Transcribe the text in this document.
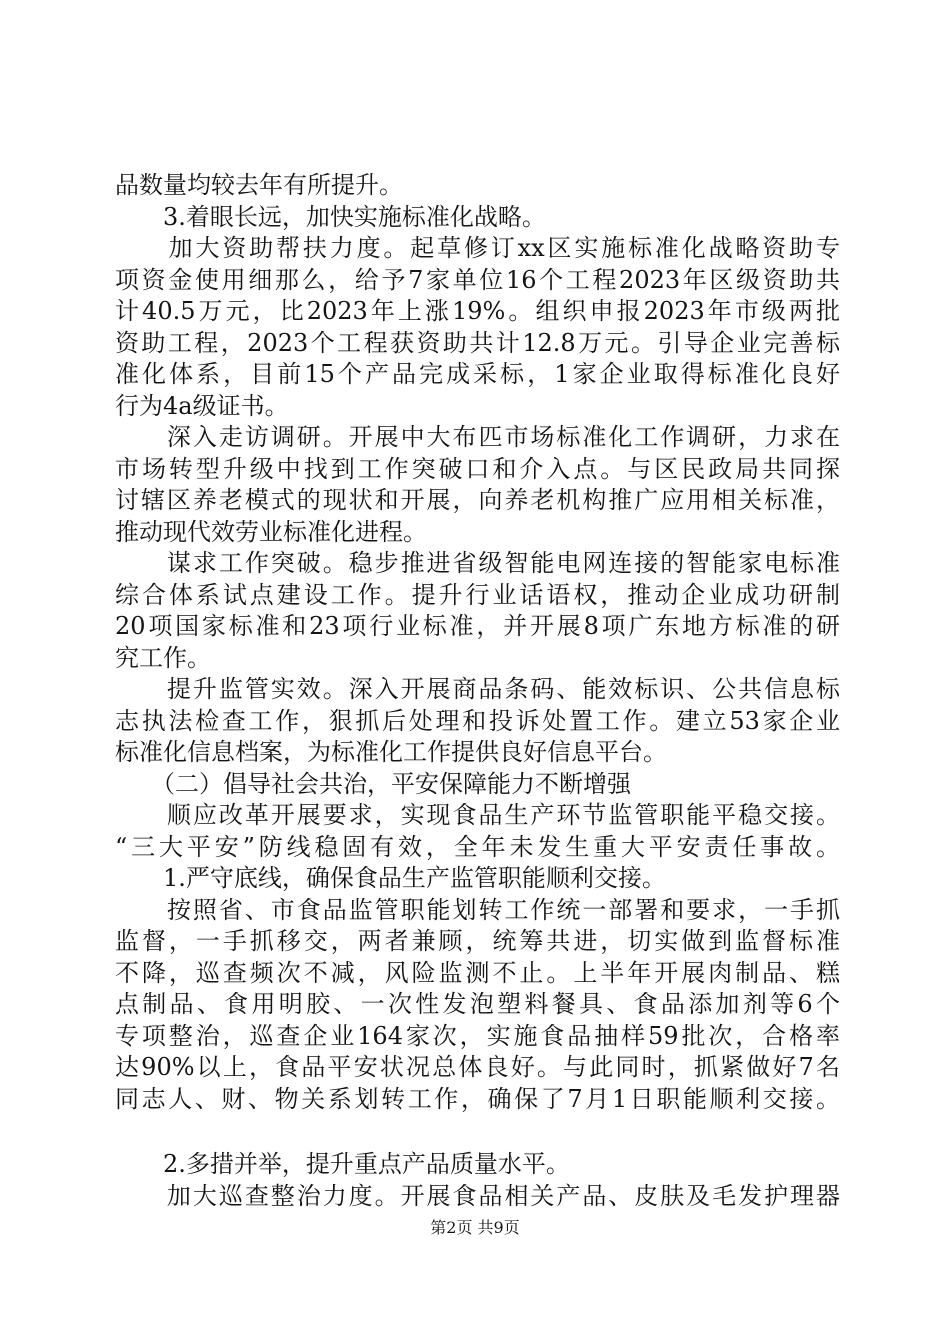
品数量均较去年有所提升。
　　3.着眼长远，加快实施标准化战略。
　　加大资助帮扶力度。起草修订xx区实施标准化战略资助专
项资金使用细那么，给予7家单位16个工程2023年区级资助共
计40.5万元，比2023年上涨19%。组织申报2023年市级两批
资助工程，2023个工程获资助共计12.8万元。引导企业完善标
准化体系，目前15个产品完成采标，1家企业取得标准化良好
行为4a级证书。
　　深入走访调研。开展中大布匹市场标准化工作调研，力求在
市场转型升级中找到工作突破口和介入点。与区民政局共同探
讨辖区养老模式的现状和开展，向养老机构推广应用相关标准，
推动现代效劳业标准化进程。
　　谋求工作突破。稳步推进省级智能电网连接的智能家电标准
综合体系试点建设工作。提升行业话语权，推动企业成功研制
20项国家标准和23项行业标准，并开展8项广东地方标准的研
究工作。
　　提升监管实效。深入开展商品条码、能效标识、公共信息标
志执法检查工作，狠抓后处理和投诉处置工作。建立53家企业
标准化信息档案，为标准化工作提供良好信息平台。
　　（二）倡导社会共治，平安保障能力不断增强
　　顺应改革开展要求，实现食品生产环节监管职能平稳交接。
“三大平安”防线稳固有效，全年未发生重大平安责任事故。
　　1.严守底线，确保食品生产监管职能顺利交接。
　　按照省、市食品监管职能划转工作统一部署和要求，一手抓
监督，一手抓移交，两者兼顾，统筹共进，切实做到监督标准
不降，巡查频次不减，风险监测不止。上半年开展肉制品、糕
点制品、食用明胶、一次性发泡塑料餐具、食品添加剂等6个
专项整治，巡查企业164家次，实施食品抽样59批次，合格率
达90%以上，食品平安状况总体良好。与此同时，抓紧做好7名
同志人、财、物关系划转工作，确保了7月1日职能顺利交接。
　　2.多措并举，提升重点产品质量水平。
　　加大巡查整治力度。开展食品相关产品、皮肤及毛发护理器
第2页 共9页
